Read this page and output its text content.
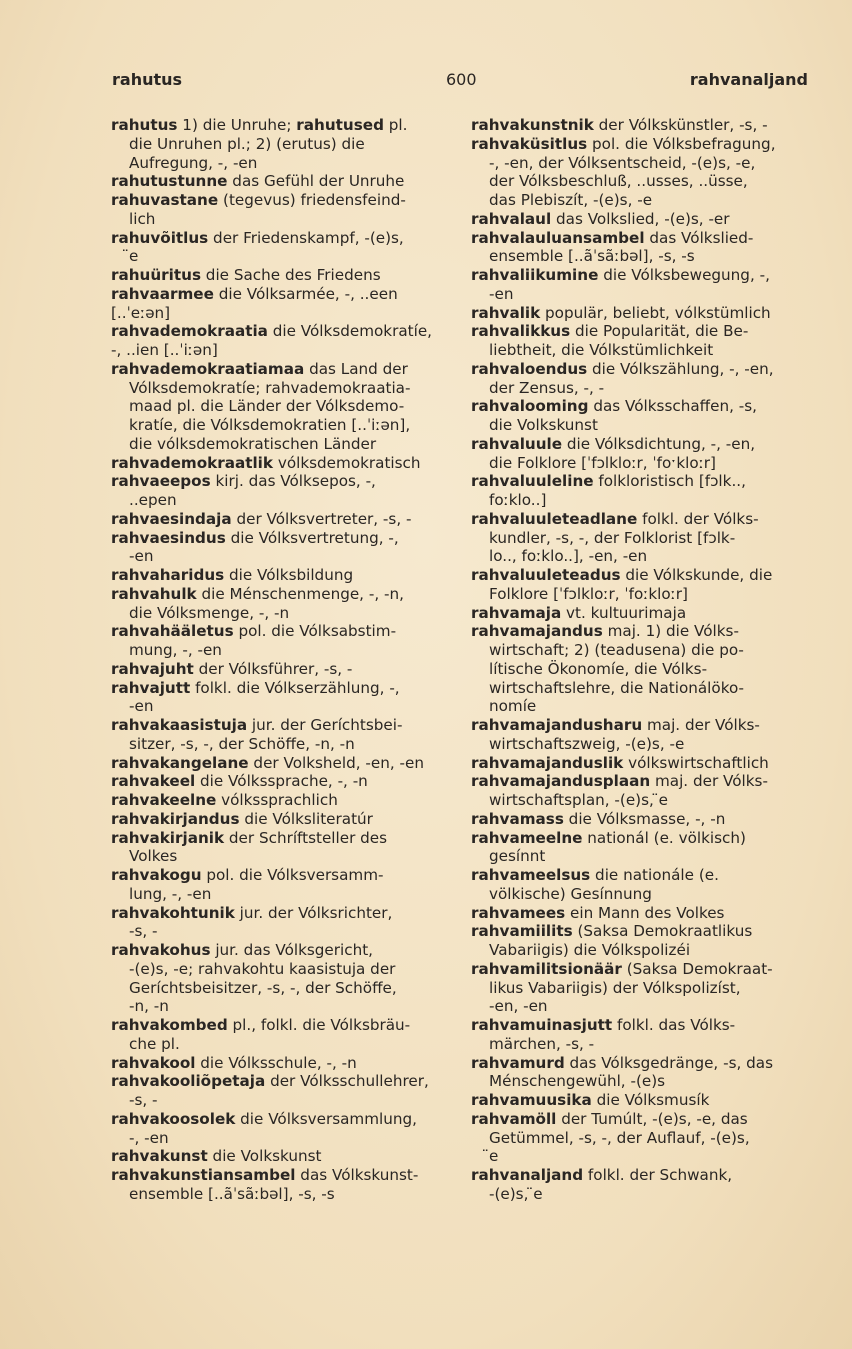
rahutus	600	rahvanaljand
rahutus 1) die Unruhe; rahutused pl.
die Unruhen pl.; 2) (erutus) die
Aufregung, -, -en
rahutustunne das Gefühl der Unruhe
rahuvastane (tegevus) friedensfeind-
lich
rahuvõitlus der Friedenskampf, -(e)s,
̈e
rahuüritus die Sache des Friedens
rahvaarmee die Vólksarmée, -, ..een
[..ˈeːən]
rahvademokraatia die Vólksdemokratíe,
-, ..ien [..ˈiːən]
rahvademokraatiamaa das Land der
Vólksdemokratíe; rahvademokraatia-
maad pl. die Länder der Vólksdemo-
kratíe, die Vólksdemokratien [..ˈiːən],
die vólksdemokratischen Länder
rahvademokraatlik vólksdemokratisch
rahvaeepos kirj. das Vólksepos, -,
..epen
rahvaesindaja der Vólksvertreter, -s, -
rahvaesindus die Vólksvertretung, -,
-en
rahvaharidus die Vólksbildung
rahvahulk die Ménschenmenge, -, -n,
die Vólksmenge, -, -n
rahvahääletus pol. die Vólksabstim-
mung, -, -en
rahvajuht der Vólksführer, -s, -
rahvajutt folkl. die Vólkserzählung, -,
-en
rahvakaasistuja jur. der Geríchtsbei-
sitzer, -s, -, der Schöffe, -n, -n
rahvakangelane der Volksheld, -en, -en
rahvakeel die Vólkssprache, -, -n
rahvakeelne vólkssprachlich
rahvakirjandus die Vólksliteratúr
rahvakirjanik der Schríftsteller des
Volkes
rahvakogu pol. die Vólksversamm-
lung, -, -en
rahvakohtunik jur. der Vólksrichter,
-s, -
rahvakohus jur. das Vólksgericht,
-(e)s, -e; rahvakohtu kaasistuja der
Geríchtsbeisitzer, -s, -, der Schöffe,
-n, -n
rahvakombed pl., folkl. die Vólksbräu-
che pl.
rahvakool die Vólksschule, -, -n
rahvakooliõpetaja der Vólksschullehrer,
-s, -
rahvakoosolek die Vólksversammlung,
-, -en
rahvakunst die Volkskunst
rahvakunstiansambel das Vólkskunst-
ensemble [..ãˈsãːbəl], -s, -s
rahvakunstnik der Vólkskünstler, -s, -
rahvaküsitlus pol. die Vólksbefragung,
-, -en, der Vólksentscheid, -(e)s, -e,
der Vólksbeschluß, ..usses, ..üsse,
das Plebiszít, -(e)s, -e
rahvalaul das Volkslied, -(e)s, -er
rahvalauluansambel das Vólkslied-
ensemble [..ãˈsãːbəl], -s, -s
rahvaliikumine die Vólksbewegung, -,
-en
rahvalik populär, beliebt, vólkstümlich
rahvalikkus die Popularität, die Be-
liebtheit, die Vólkstümlichkeit
rahvaloendus die Vólkszählung, -, -en,
der Zensus, -, -
rahvalooming das Vólksschaffen, -s,
die Volkskunst
rahvaluule die Vólksdichtung, -, -en,
die Folklore [ˈfɔlkloːr, ˈfoˑkloːr]
rahvaluuleline folkloristisch [fɔlk..,
foːklo..]
rahvaluuleteadlane folkl. der Vólks-
kundler, -s, -, der Folklorist [fɔlk-
lo.., foːklo..], -en, -en
rahvaluuleteadus die Vólkskunde, die
Folklore [ˈfɔlkloːr, ˈfoːkloːr]
rahvamaja vt. kultuurimaja
rahvamajandus maj. 1) die Vólks-
wirtschaft; 2) (teadusena) die po-
lítische Ökonomíe, die Vólks-
wirtschaftslehre, die Nationálöko-
nomíe
rahvamajandusharu maj. der Vólks-
wirtschaftszweig, -(e)s, -e
rahvamajanduslik vólkswirtschaftlich
rahvamajandusplaan maj. der Vólks-
wirtschaftsplan, -(e)s, ̈e
rahvamass die Vólksmasse, -, -n
rahvameelne nationál (e. völkisch)
gesínnt
rahvameelsus die nationále (e.
völkische) Gesínnung
rahvamees ein Mann des Volkes
rahvamiilits (Saksa Demokraatlikus
Vabariigis) die Vólkspolizéi
rahvamilitsionäär (Saksa Demokraat-
likus Vabariigis) der Vólkspolizíst,
-en, -en
rahvamuinasjutt folkl. das Vólks-
märchen, -s, -
rahvamurd das Vólksgedränge, -s, das
Ménschengewühl, -(e)s
rahvamuusika die Vólksmusík
rahvamöll der Tumúlt, -(e)s, -e, das
Getümmel, -s, -, der Auflauf, -(e)s,
̈e
rahvanaljand folkl. der Schwank,
-(e)s, ̈e
